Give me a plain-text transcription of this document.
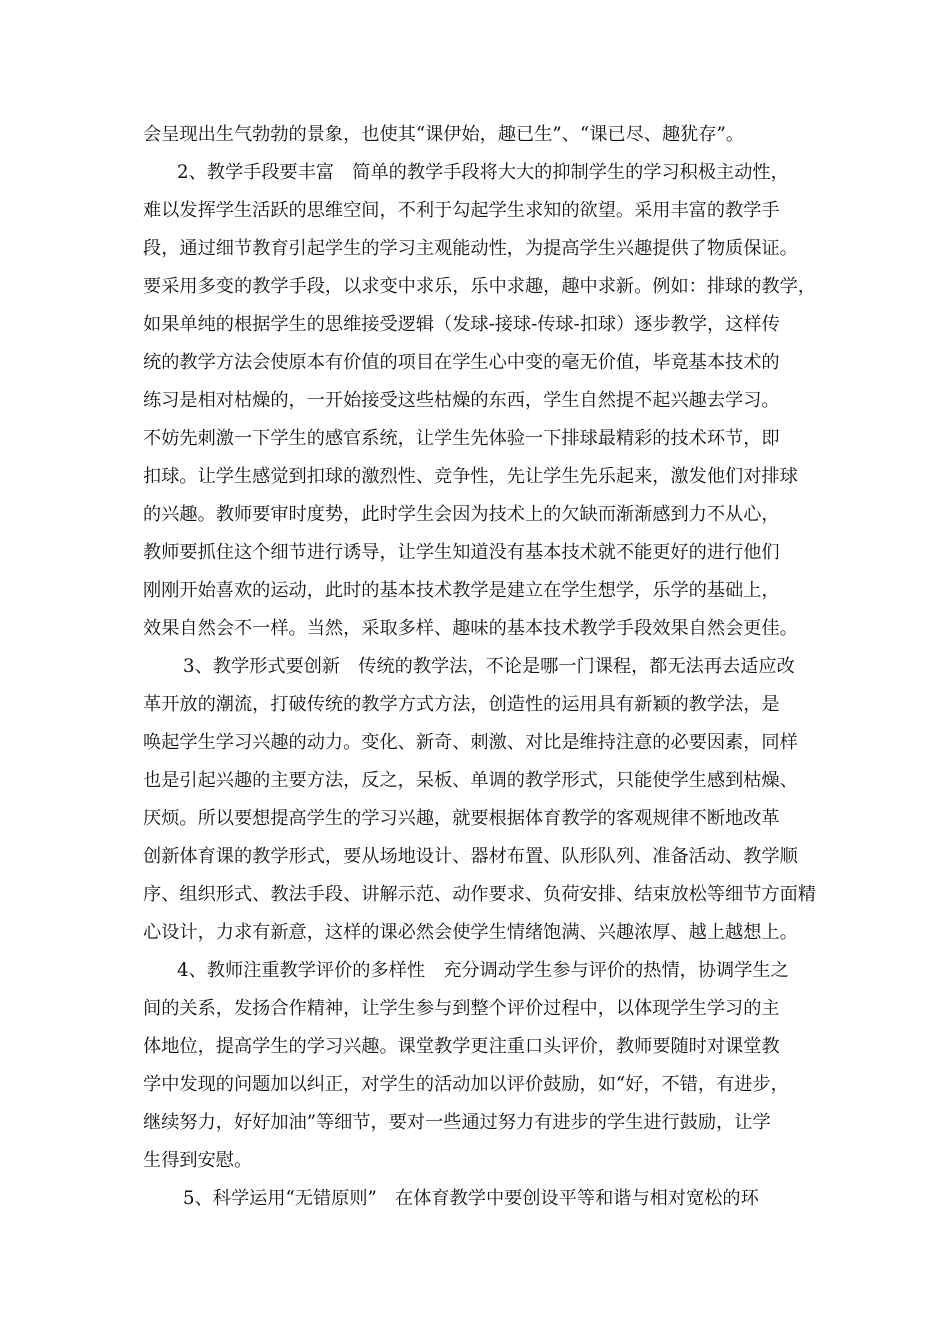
会呈现出生气勃勃的景象，也使其“课伊始，趣已生”、“课已尽、趣犹存”。
2、教学手段要丰富　简单的教学手段将大大的抑制学生的学习积极主动性，
难以发挥学生活跃的思维空间，不利于勾起学生求知的欲望。采用丰富的教学手
段，通过细节教育引起学生的学习主观能动性，为提高学生兴趣提供了物质保证。
要采用多变的教学手段，以求变中求乐，乐中求趣，趣中求新。例如：排球的教学，
如果单纯的根据学生的思维接受逻辑（发球-接球-传球-扣球）逐步教学，这样传
统的教学方法会使原本有价值的项目在学生心中变的毫无价值，毕竟基本技术的
练习是相对枯燥的，一开始接受这些枯燥的东西，学生自然提不起兴趣去学习。
不妨先刺激一下学生的感官系统，让学生先体验一下排球最精彩的技术环节，即
扣球。让学生感觉到扣球的激烈性、竞争性，先让学生先乐起来，激发他们对排球
的兴趣。教师要审时度势，此时学生会因为技术上的欠缺而渐渐感到力不从心，
教师要抓住这个细节进行诱导，让学生知道没有基本技术就不能更好的进行他们
刚刚开始喜欢的运动，此时的基本技术教学是建立在学生想学，乐学的基础上，
效果自然会不一样。当然，采取多样、趣味的基本技术教学手段效果自然会更佳。
3、教学形式要创新　传统的教学法，不论是哪一门课程，都无法再去适应改
革开放的潮流，打破传统的教学方式方法，创造性的运用具有新颖的教学法，是
唤起学生学习兴趣的动力。变化、新奇、刺激、对比是维持注意的必要因素，同样
也是引起兴趣的主要方法，反之，呆板、单调的教学形式，只能使学生感到枯燥、
厌烦。所以要想提高学生的学习兴趣，就要根据体育教学的客观规律不断地改革
创新体育课的教学形式，要从场地设计、器材布置、队形队列、准备活动、教学顺
序、组织形式、教法手段、讲解示范、动作要求、负荷安排、结束放松等细节方面精
心设计，力求有新意，这样的课必然会使学生情绪饱满、兴趣浓厚、越上越想上。
4、教师注重教学评价的多样性　充分调动学生参与评价的热情，协调学生之
间的关系，发扬合作精神，让学生参与到整个评价过程中，以体现学生学习的主
体地位，提高学生的学习兴趣。课堂教学更注重口头评价，教师要随时对课堂教
学中发现的问题加以纠正，对学生的活动加以评价鼓励，如“好，不错，有进步，
继续努力，好好加油”等细节，要对一些通过努力有进步的学生进行鼓励，让学
生得到安慰。
5、科学运用“无错原则”　在体育教学中要创设平等和谐与相对宽松的环
